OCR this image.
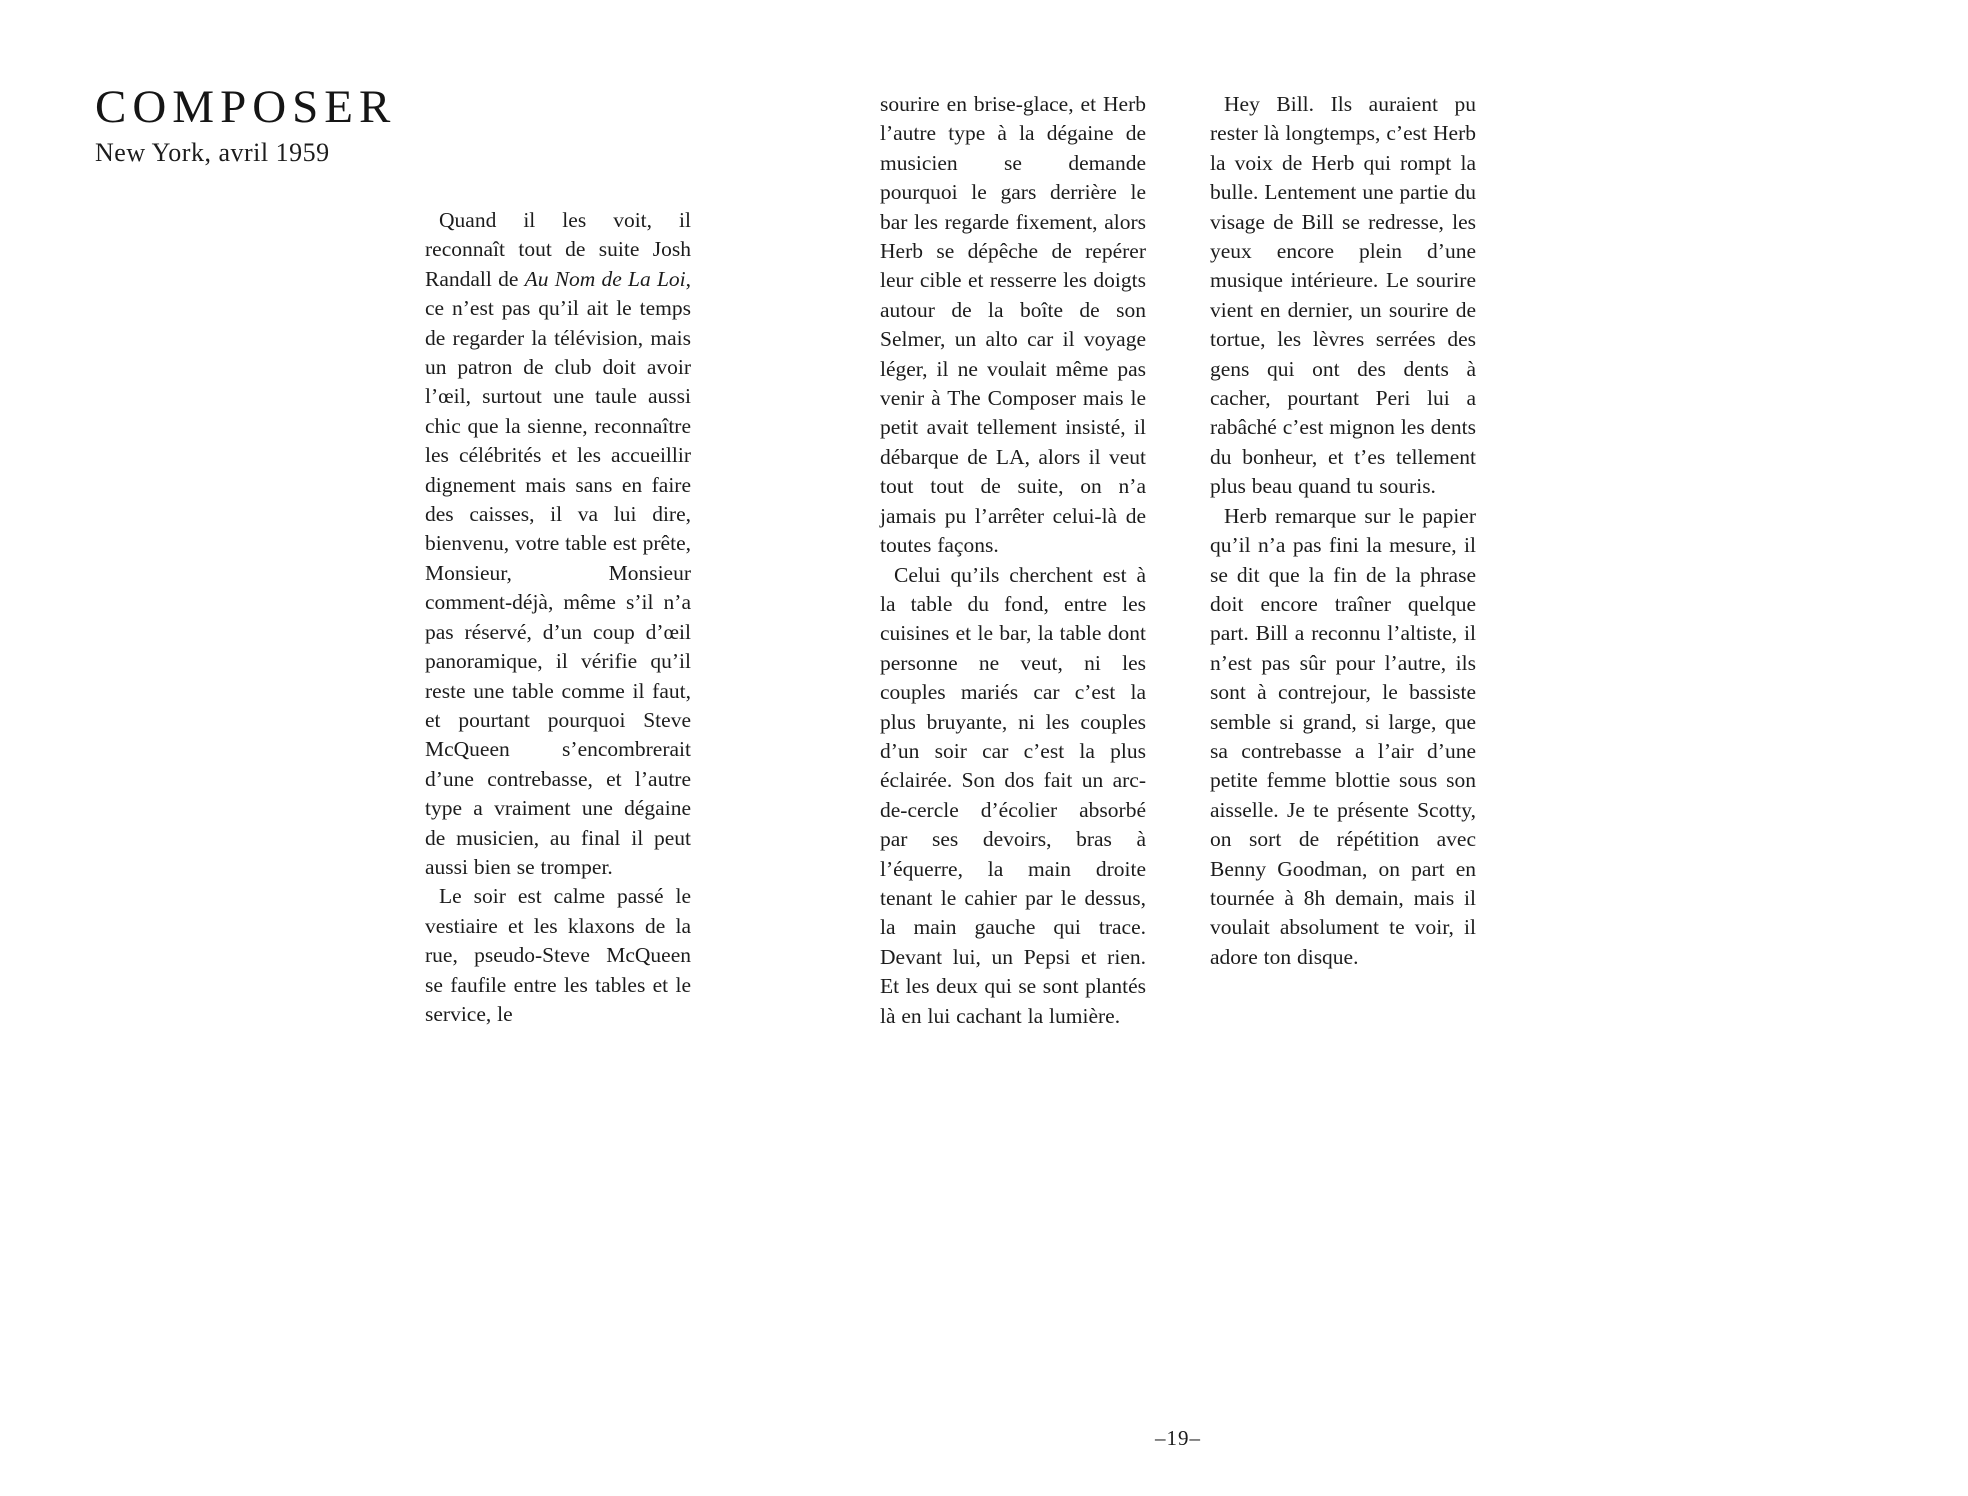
COMPOSER
New York, avril 1959

Quand il les voit, il reconnaît tout de suite Josh Randall de Au Nom de La Loi, ce n’est pas qu’il ait le temps de regarder la télévision, mais un patron de club doit avoir l’œil, surtout une taule aussi chic que la sienne, reconnaître les célébrités et les accueillir dignement mais sans en faire des caisses, il va lui dire, bienvenu, votre table est prête, Monsieur, Monsieur comment-déjà, même s’il n’a pas réservé, d’un coup d’œil panoramique, il vérifie qu’il reste une table comme il faut, et pourtant pourquoi Steve McQueen s’encombrerait d’une contrebasse, et l’autre type a vraiment une dégaine de musicien, au final il peut aussi bien se tromper.

Le soir est calme passé le vestiaire et les klaxons de la rue, pseudo-Steve McQueen se faufile entre les tables et le service, le

sourire en brise-glace, et Herb l’autre type à la dégaine de musicien se demande pourquoi le gars derrière le bar les regarde fixement, alors Herb se dépêche de repérer leur cible et resserre les doigts autour de la boîte de son Selmer, un alto car il voyage léger, il ne voulait même pas venir à The Composer mais le petit avait tellement insisté, il débarque de LA, alors il veut tout tout de suite, on n’a jamais pu l’arrêter celui-là de toutes façons.

Celui qu’ils cherchent est à la table du fond, entre les cuisines et le bar, la table dont personne ne veut, ni les couples mariés car c’est la plus bruyante, ni les couples d’un soir car c’est la plus éclairée. Son dos fait un arc-de-cercle d’écolier absorbé par ses devoirs, bras à l’équerre, la main droite tenant le cahier par le dessus, la main gauche qui trace. Devant lui, un Pepsi et rien. Et les deux qui se sont plantés là en lui cachant la lumière.

Hey Bill. Ils auraient pu rester là longtemps, c’est Herb la voix de Herb qui rompt la bulle. Lentement une partie du visage de Bill se redresse, les yeux encore plein d’une musique intérieure. Le sourire vient en dernier, un sourire de tortue, les lèvres serrées des gens qui ont des dents à cacher, pourtant Peri lui a rabâché c’est mignon les dents du bonheur, et t’es tellement plus beau quand tu souris.

Herb remarque sur le papier qu’il n’a pas fini la mesure, il se dit que la fin de la phrase doit encore traîner quelque part. Bill a reconnu l’altiste, il n’est pas sûr pour l’autre, ils sont à contrejour, le bassiste semble si grand, si large, que sa contrebasse a l’air d’une petite femme blottie sous son aisselle. Je te présente Scotty, on sort de répétition avec Benny Goodman, on part en tournée à 8h demain, mais il voulait absolument te voir, il adore ton disque.

–19–
